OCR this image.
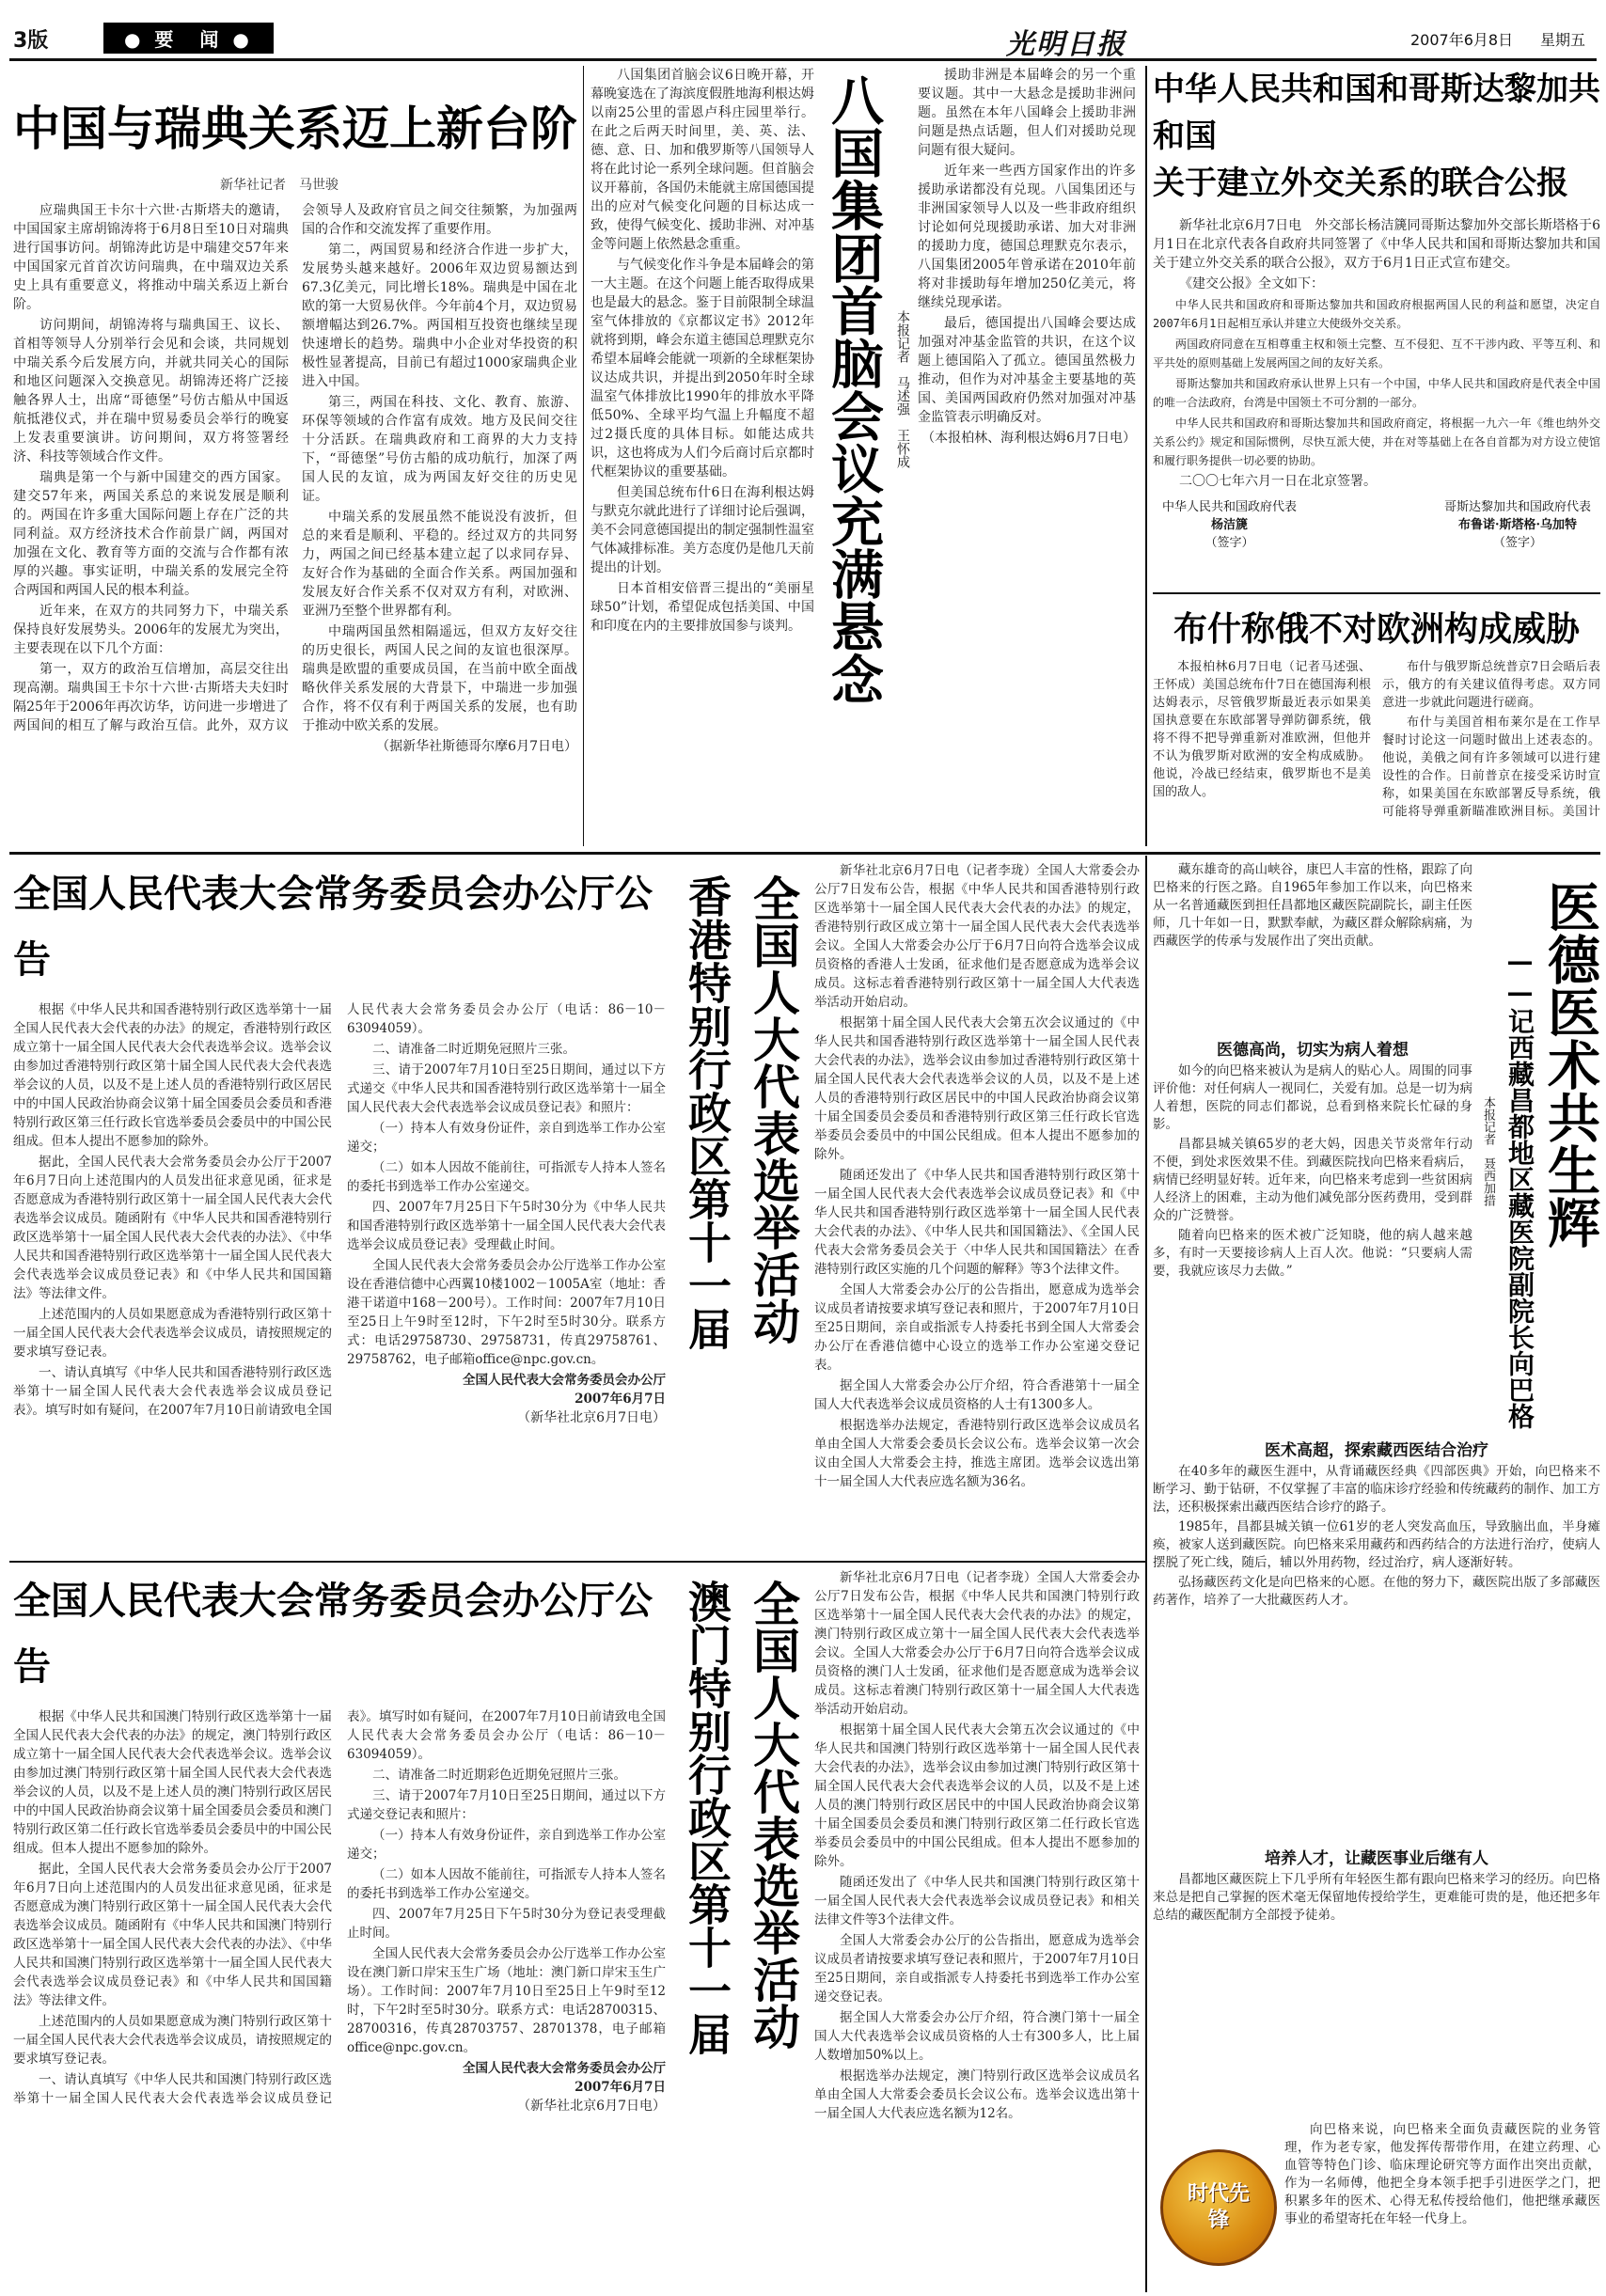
3版	● 要　闻 ●	光明日报	2007年6月8日 星期五
中国与瑞典关系迈上新台阶
新华社记者　马世骏

应瑞典国王卡尔十六世·古斯塔夫的邀请，中国国家主席胡锦涛将于6月8日至10日对瑞典进行国事访问。胡锦涛此访是中瑞建交57年来中国国家元首首次访问瑞典，在中瑞双边关系史上具有重要意义，将推动中瑞关系迈上新台阶。

访问期间，胡锦涛将与瑞典国王、议长、首相等领导人分别举行会见和会谈，共同规划中瑞关系今后发展方向，并就共同关心的国际和地区问题深入交换意见。胡锦涛还将广泛接触各界人士，出席“哥德堡”号仿古船从中国返航抵港仪式，并在瑞中贸易委员会举行的晚宴上发表重要演讲。访问期间，双方将签署经济、科技等领域合作文件。

瑞典是第一个与新中国建交的西方国家。建交57年来，两国关系总的来说发展是顺利的。两国在许多重大国际问题上存在广泛的共同利益。双方经济技术合作前景广阔，两国对加强在文化、教育等方面的交流与合作都有浓厚的兴趣。事实证明，中瑞关系的发展完全符合两国和两国人民的根本利益。

近年来，在双方的共同努力下，中瑞关系保持良好发展势头。2006年的发展尤为突出，主要表现在以下几个方面：

第一，双方的政治互信增加，高层交往出现高潮。瑞典国王卡尔十六世·古斯塔夫夫妇时隔25年于2006年再次访华，访问进一步增进了两国间的相互了解与政治互信。此外，双方议会领导人及政府官员之间交往频繁，为加强两国的合作和交流发挥了重要作用。

第二，两国贸易和经济合作进一步扩大，发展势头越来越好。2006年双边贸易额达到67.3亿美元，同比增长18%。瑞典是中国在北欧的第一大贸易伙伴。今年前4个月，双边贸易额增幅达到26.7%。两国相互投资也继续呈现快速增长的趋势。瑞典中小企业对华投资的积极性显著提高，目前已有超过1000家瑞典企业进入中国。

第三，两国在科技、文化、教育、旅游、环保等领域的合作富有成效。地方及民间交往十分活跃。在瑞典政府和工商界的大力支持下，“哥德堡”号仿古船的成功航行，加深了两国人民的友谊，成为两国友好交往的历史见证。

中瑞关系的发展虽然不能说没有波折，但总的来看是顺利、平稳的。经过双方的共同努力，两国之间已经基本建立起了以求同存异、友好合作为基础的全面合作关系。两国加强和发展友好合作关系不仅对双方有利，对欧洲、亚洲乃至整个世界都有利。

中瑞两国虽然相隔遥远，但双方友好交往的历史很长，两国人民之间的友谊也很深厚。瑞典是欧盟的重要成员国，在当前中欧全面战略伙伴关系发展的大背景下，中瑞进一步加强合作，将不仅有利于两国关系的发展，也有助于推动中欧关系的发展。

（据新华社斯德哥尔摩6月7日电）

八国集团首脑会议6日晚开幕，开幕晚宴选在了海滨度假胜地海利根达姆以南25公里的雷恩卢科庄园里举行。在此之后两天时间里，美、英、法、德、意、日、加和俄罗斯等八国领导人将在此讨论一系列全球问题。但首脑会议开幕前，各国仍未能就主席国德国提出的应对气候变化问题的目标达成一致，使得气候变化、援助非洲、对冲基金等问题上依然悬念重重。

与气候变化作斗争是本届峰会的第一大主题。在这个问题上能否取得成果也是最大的悬念。鉴于目前限制全球温室气体排放的《京都议定书》2012年就将到期，峰会东道主德国总理默克尔希望本届峰会能就一项新的全球框架协议达成共识，并提出到2050年时全球温室气体排放比1990年的排放水平降低50%、全球平均气温上升幅度不超过2摄氏度的具体目标。如能达成共识，这也将成为人们今后商讨后京都时代框架协议的重要基础。

但美国总统布什6日在海利根达姆与默克尔就此进行了详细讨论后强调，美不会同意德国提出的制定强制性温室气体减排标准。美方态度仍是他几天前提出的计划。

日本首相安倍晋三提出的“美丽星球50”计划，希望促成包括美国、中国和印度在内的主要排放国参与谈判。 八国集团首脑会议充满悬念 本报记者　马述强　王怀成

援助非洲是本届峰会的另一个重要议题。其中一大悬念是援助非洲问题。虽然在本年八国峰会上援助非洲问题是热点话题，但人们对援助兑现问题有很大疑问。

近年来一些西方国家作出的许多援助承诺都没有兑现。八国集团还与非洲国家领导人以及一些非政府组织讨论如何兑现援助承诺、加大对非洲的援助力度，德国总理默克尔表示，八国集团2005年曾承诺在2010年前将对非援助每年增加250亿美元，将继续兑现承诺。

最后，德国提出八国峰会要达成加强对冲基金监管的共识，在这个议题上德国陷入了孤立。德国虽然极力推动，但作为对冲基金主要基地的英国、美国两国政府仍然对加强对冲基金监管表示明确反对。

（本报柏林、海利根达姆6月7日电）
中华人民共和国和哥斯达黎加共和国
关于建立外交关系的联合公报

新华社北京6月7日电　外交部长杨洁篪同哥斯达黎加外交部长斯塔格于6月1日在北京代表各自政府共同签署了《中华人民共和国和哥斯达黎加共和国关于建立外交关系的联合公报》，双方于6月1日正式宣布建交。

《建交公报》全文如下：

中华人民共和国政府和哥斯达黎加共和国政府根据两国人民的利益和愿望，决定自2007年6月1日起相互承认并建立大使级外交关系。

两国政府同意在互相尊重主权和领土完整、互不侵犯、互不干涉内政、平等互利、和平共处的原则基础上发展两国之间的友好关系。

哥斯达黎加共和国政府承认世界上只有一个中国，中华人民共和国政府是代表全中国的唯一合法政府，台湾是中国领土不可分割的一部分。

中华人民共和国政府和哥斯达黎加共和国政府商定，将根据一九六一年《维也纳外交关系公约》规定和国际惯例，尽快互派大使，并在对等基础上在各自首都为对方设立使馆和履行职务提供一切必要的协助。

二〇〇七年六月一日在北京签署。

中华人民共和国政府代表
杨洁篪
（签字）
哥斯达黎加共和国政府代表
布鲁诺·斯塔格·乌加特
（签字）
布什称俄不对欧洲构成威胁

本报柏林6月7日电（记者马述强、王怀成）美国总统布什7日在德国海利根达姆表示，尽管俄罗斯最近表示如果美国执意要在东欧部署导弹防御系统，俄将不得不把导弹重新对准欧洲，但他并不认为俄罗斯对欧洲的安全构成威胁。他说，冷战已经结束，俄罗斯也不是美国的敌人。

布什与俄罗斯总统普京7日会晤后表示，俄方的有关建议值得考虑。双方同意进一步就此问题进行磋商。

布什与美国首相布莱尔是在工作早餐时讨论这一问题时做出上述表态的。他说，美俄之间有许多领域可以进行建设性的合作。日前普京在接受采访时宣称，如果美国在东欧部署反导系统，俄可能将导弹重新瞄准欧洲目标。美国计

全国人民代表大会常务委员会办公厅公告

根据《中华人民共和国香港特别行政区选举第十一届全国人民代表大会代表的办法》的规定，香港特别行政区成立第十一届全国人民代表大会代表选举会议。选举会议由参加过香港特别行政区第十届全国人民代表大会代表选举会议的人员，以及不是上述人员的香港特别行政区居民中的中国人民政治协商会议第十届全国委员会委员和香港特别行政区第三任行政长官选举委员会委员中的中国公民组成。但本人提出不愿参加的除外。

据此，全国人民代表大会常务委员会办公厅于2007年6月7日向上述范围内的人员发出征求意见函，征求是否愿意成为香港特别行政区第十一届全国人民代表大会代表选举会议成员。随函附有《中华人民共和国香港特别行政区选举第十一届全国人民代表大会代表的办法》、《中华人民共和国香港特别行政区选举第十一届全国人民代表大会代表选举会议成员登记表》和《中华人民共和国国籍法》等法律文件。

上述范围内的人员如果愿意成为香港特别行政区第十一届全国人民代表大会代表选举会议成员，请按照规定的要求填写登记表。

一、请认真填写《中华人民共和国香港特别行政区选举第十一届全国人民代表大会代表选举会议成员登记表》。填写时如有疑问，在2007年7月10日前请致电全国人民代表大会常务委员会办公厅（电话：86－10－63094059）。

二、请准备二时近期免冠照片三张。

三、请于2007年7月10日至25日期间，通过以下方式递交《中华人民共和国香港特别行政区选举第十一届全国人民代表大会代表选举会议成员登记表》和照片：

（一）持本人有效身份证件，亲自到选举工作办公室递交；

（二）如本人因故不能前往，可指派专人持本人签名的委托书到选举工作办公室递交。

四、2007年7月25日下午5时30分为《中华人民共和国香港特别行政区选举第十一届全国人民代表大会代表选举会议成员登记表》受理截止时间。

全国人民代表大会常务委员会办公厅选举工作办公室设在香港信德中心西翼10楼1002－1005A室（地址：香港干诺道中168－200号）。工作时间：2007年7月10日至25日上午9时至12时，下午2时至5时30分。联系方式：电话29758730、29758731，传真29758761、29758762，电子邮箱office@npc.gov.cn。

全国人民代表大会常务委员会办公厅
2007年6月7日
（新华社北京6月7日电）
全国人大代表选举活动
香港特别行政区第十一届

新华社北京6月7日电（记者李珑）全国人大常委会办公厅7日发布公告，根据《中华人民共和国香港特别行政区选举第十一届全国人民代表大会代表的办法》的规定，香港特别行政区成立第十一届全国人民代表大会代表选举会议。全国人大常委会办公厅于6月7日向符合选举会议成员资格的香港人士发函，征求他们是否愿意成为选举会议成员。这标志着香港特别行政区第十一届全国人大代表选举活动开始启动。

根据第十届全国人民代表大会第五次会议通过的《中华人民共和国香港特别行政区选举第十一届全国人民代表大会代表的办法》，选举会议由参加过香港特别行政区第十届全国人民代表大会代表选举会议的人员，以及不是上述人员的香港特别行政区居民中的中国人民政治协商会议第十届全国委员会委员和香港特别行政区第三任行政长官选举委员会委员中的中国公民组成。但本人提出不愿参加的除外。

随函还发出了《中华人民共和国香港特别行政区第十一届全国人民代表大会代表选举会议成员登记表》和《中华人民共和国香港特别行政区选举第十一届全国人民代表大会代表的办法》、《中华人民共和国国籍法》、《全国人民代表大会常务委员会关于〈中华人民共和国国籍法〉在香港特别行政区实施的几个问题的解释》等3个法律文件。

全国人大常委会办公厅的公告指出，愿意成为选举会议成员者请按要求填写登记表和照片，于2007年7月10日至25日期间，亲自或指派专人持委托书到全国人大常委会办公厅在香港信德中心设立的选举工作办公室递交登记表。

据全国人大常委会办公厅介绍，符合香港第十一届全国人大代表选举会议成员资格的人士有1300多人。

根据选举办法规定，香港特别行政区选举会议成员名单由全国人大常委会委员长会议公布。选举会议第一次会议由全国人大常委会主持，推选主席团。选举会议选出第十一届全国人大代表应选名额为36名。

全国人民代表大会常务委员会办公厅公告

根据《中华人民共和国澳门特别行政区选举第十一届全国人民代表大会代表的办法》的规定，澳门特别行政区成立第十一届全国人民代表大会代表选举会议。选举会议由参加过澳门特别行政区第十届全国人民代表大会代表选举会议的人员，以及不是上述人员的澳门特别行政区居民中的中国人民政治协商会议第十届全国委员会委员和澳门特别行政区第二任行政长官选举委员会委员中的中国公民组成。但本人提出不愿参加的除外。

据此，全国人民代表大会常务委员会办公厅于2007年6月7日向上述范围内的人员发出征求意见函，征求是否愿意成为澳门特别行政区第十一届全国人民代表大会代表选举会议成员。随函附有《中华人民共和国澳门特别行政区选举第十一届全国人民代表大会代表的办法》、《中华人民共和国澳门特别行政区选举第十一届全国人民代表大会代表选举会议成员登记表》和《中华人民共和国国籍法》等法律文件。

上述范围内的人员如果愿意成为澳门特别行政区第十一届全国人民代表大会代表选举会议成员，请按照规定的要求填写登记表。

一、请认真填写《中华人民共和国澳门特别行政区选举第十一届全国人民代表大会代表选举会议成员登记表》。填写时如有疑问，在2007年7月10日前请致电全国人民代表大会常务委员会办公厅（电话：86－10－63094059）。

二、请准备二时近期彩色近期免冠照片三张。

三、请于2007年7月10日至25日期间，通过以下方式递交登记表和照片：

（一）持本人有效身份证件，亲自到选举工作办公室递交；

（二）如本人因故不能前往，可指派专人持本人签名的委托书到选举工作办公室递交。

四、2007年7月25日下午5时30分为登记表受理截止时间。

全国人民代表大会常务委员会办公厅选举工作办公室设在澳门新口岸宋玉生广场（地址：澳门新口岸宋玉生广场）。工作时间：2007年7月10日至25日上午9时至12时，下午2时至5时30分。联系方式：电话28700315、28700316，传真28703757、28701378，电子邮箱office@npc.gov.cn。

全国人民代表大会常务委员会办公厅
2007年6月7日
（新华社北京6月7日电）
全国人大代表选举活动
澳门特别行政区第十一届

新华社北京6月7日电（记者李珑）全国人大常委会办公厅7日发布公告，根据《中华人民共和国澳门特别行政区选举第十一届全国人民代表大会代表的办法》的规定，澳门特别行政区成立第十一届全国人民代表大会代表选举会议。全国人大常委会办公厅于6月7日向符合选举会议成员资格的澳门人士发函，征求他们是否愿意成为选举会议成员。这标志着澳门特别行政区第十一届全国人大代表选举活动开始启动。

根据第十届全国人民代表大会第五次会议通过的《中华人民共和国澳门特别行政区选举第十一届全国人民代表大会代表的办法》，选举会议由参加过澳门特别行政区第十届全国人民代表大会代表选举会议的人员，以及不是上述人员的澳门特别行政区居民中的中国人民政治协商会议第十届全国委员会委员和澳门特别行政区第二任行政长官选举委员会委员中的中国公民组成。但本人提出不愿参加的除外。

随函还发出了《中华人民共和国澳门特别行政区第十一届全国人民代表大会代表选举会议成员登记表》和相关法律文件等3个法律文件。

全国人大常委会办公厅的公告指出，愿意成为选举会议成员者请按要求填写登记表和照片，于2007年7月10日至25日期间，亲自或指派专人持委托书到选举工作办公室递交登记表。

据全国人大常委会办公厅介绍，符合澳门第十一届全国人大代表选举会议成员资格的人士有300多人，比上届人数增加50%以上。

根据选举办法规定，澳门特别行政区选举会议成员名单由全国人大常委会委员长会议公布。选举会议选出第十一届全国人大代表应选名额为12名。

藏东雄奇的高山峡谷，康巴人丰富的性格，跟踪了向巴格来的行医之路。自1965年参加工作以来，向巴格来从一名普通藏医到担任昌都地区藏医院副院长，副主任医师，几十年如一日，默默奉献，为藏区群众解除病痛，为西藏医学的传承与发展作出了突出贡献。

医德高尚，切实为病人着想

如今的向巴格来被认为是病人的贴心人。周围的同事评价他：对任何病人一视同仁，关爱有加。总是一切为病人着想，医院的同志们都说，总看到格来院长忙碌的身影。

昌都县城关镇65岁的老大妈，因患关节炎常年行动不便，到处求医效果不佳。到藏医院找向巴格来看病后，病情已经明显好转。近年来，向巴格来考虑到一些贫困病人经济上的困难，主动为他们减免部分医药费用，受到群众的广泛赞誉。

随着向巴格来的医术被广泛知晓，他的病人越来越多，有时一天要接诊病人上百人次。他说：“只要病人需要，我就应该尽力去做。”

本报记者　聂西加措 医德医术共生辉
——记西藏昌都地区藏医院副院长向巴格
医术高超，探索藏西医结合治疗

在40多年的藏医生涯中，从背诵藏医经典《四部医典》开始，向巴格来不断学习、勤于钻研，不仅掌握了丰富的临床诊疗经验和传统藏药的制作、加工方法，还积极探索出藏西医结合诊疗的路子。

1985年，昌都县城关镇一位61岁的老人突发高血压，导致脑出血，半身瘫痪，被家人送到藏医院。向巴格来采用藏药和西药结合的方法进行治疗，使病人摆脱了死亡线，随后，辅以外用药物，经过治疗，病人逐渐好转。

弘扬藏医药文化是向巴格来的心愿。在他的努力下，藏医院出版了多部藏医药著作，培养了一大批藏医药人才。

培养人才，让藏医事业后继有人

昌都地区藏医院上下几乎所有年轻医生都有跟向巴格来学习的经历。向巴格来总是把自己掌握的医术毫无保留地传授给学生，更难能可贵的是，他还把多年总结的藏医配制方全部授予徒弟。

向巴格来说，向巴格来全面负责藏医院的业务管理，作为老专家，他发挥传帮带作用，在建立药理、心血管等特色门诊、临床理论研究等方面作出突出贡献，作为一名师傅，他把全身本领手把手引进医学之门，把积累多年的医术、心得无私传授给他们，他把继承藏医事业的希望寄托在年轻一代身上。

时代先锋
